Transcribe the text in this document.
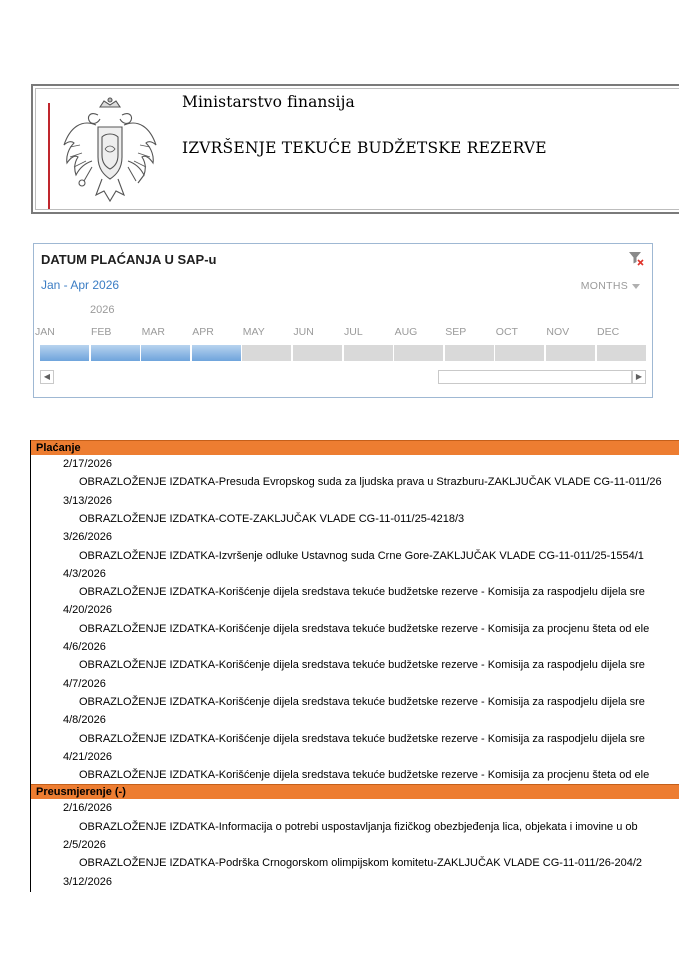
Ministarstvo finansija
IZVRŠENJE TEKUĆE BUDŽETSKE REZERVE
DATUM PLAĆANJA U SAP-u
Jan - Apr 2026	MONTHS
2026
JAN	FEB	MAR	APR	MAY	JUN	JUL	AUG	SEP	OCT	NOV	DEC
◀	▶
Plaćanje
2/17/2026
OBRAZLOŽENJE IZDATKA-Presuda Evropskog suda za ljudska prava u Strazburu-ZAKLJUČAK VLADE CG-11-011/26
3/13/2026
OBRAZLOŽENJE IZDATKA-COTE-ZAKLJUČAK VLADE CG-11-011/25-4218/3
3/26/2026
OBRAZLOŽENJE IZDATKA-Izvršenje odluke Ustavnog suda Crne Gore-ZAKLJUČAK VLADE CG-11-011/25-1554/1
4/3/2026
OBRAZLOŽENJE IZDATKA-Korišćenje dijela sredstava tekuće budžetske rezerve - Komisija za raspodjelu dijela sre
4/20/2026
OBRAZLOŽENJE IZDATKA-Korišćenje dijela sredstava tekuće budžetske rezerve - Komisija za procjenu šteta od ele
4/6/2026
OBRAZLOŽENJE IZDATKA-Korišćenje dijela sredstava tekuće budžetske rezerve - Komisija za raspodjelu dijela sre
4/7/2026
OBRAZLOŽENJE IZDATKA-Korišćenje dijela sredstava tekuće budžetske rezerve - Komisija za raspodjelu dijela sre
4/8/2026
OBRAZLOŽENJE IZDATKA-Korišćenje dijela sredstava tekuće budžetske rezerve - Komisija za raspodjelu dijela sre
4/21/2026
OBRAZLOŽENJE IZDATKA-Korišćenje dijela sredstava tekuće budžetske rezerve - Komisija za procjenu šteta od ele
Preusmjerenje (-)
2/16/2026
OBRAZLOŽENJE IZDATKA-Informacija o potrebi uspostavljanja fizičkog obezbjeđenja lica, objekata i imovine u ob
2/5/2026
OBRAZLOŽENJE IZDATKA-Podrška Crnogorskom olimpijskom komitetu-ZAKLJUČAK VLADE CG-11-011/26-204/2
3/12/2026
